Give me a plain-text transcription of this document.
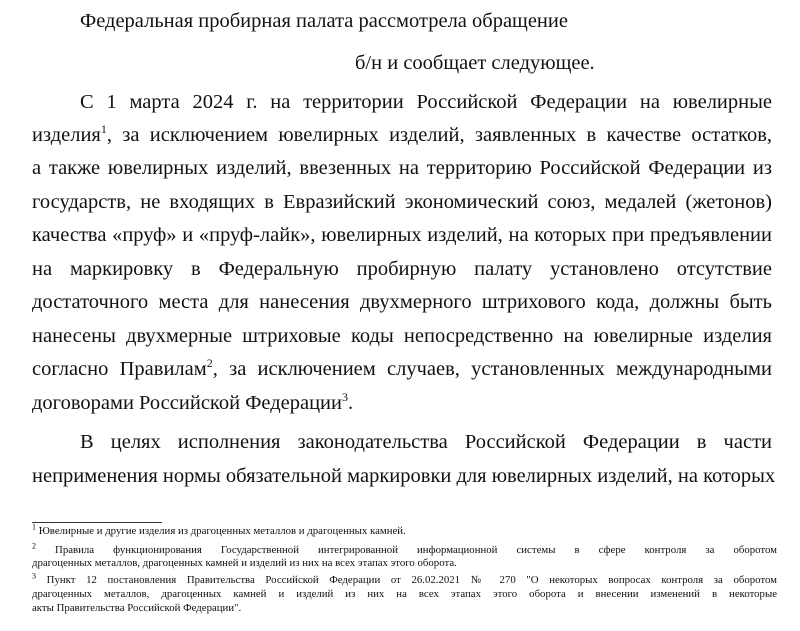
Федеральная пробирная палата рассмотрела обращение
б/н и сообщает следующее.
С 1 марта 2024 г. на территории Российской Федерации на ювелирные
изделия$^1$, за исключением ювелирных изделий, заявленных в качестве остатков,
а также ювелирных изделий, ввезенных на территорию Российской Федерации из
государств, не входящих в Евразийский экономический союз, медалей (жетонов)
качества «пруф» и «пруф-лайк», ювелирных изделий, на которых при предъявлении
на маркировку в Федеральную пробирную палату установлено отсутствие
достаточного места для нанесения двухмерного штрихового кода, должны быть
нанесены двухмерные штриховые коды непосредственно на ювелирные изделия
согласно Правилам$^2$, за исключением случаев, установленных международными
договорами Российской Федерации$^3$.
В целях исполнения законодательства Российской Федерации в части
неприменения нормы обязательной маркировки для ювелирных изделий, на которых
$^1$ Ювелирные и другие изделия из драгоценных металлов и драгоценных камней.
$^2$ Правила функционирования Государственной интегрированной информационной системы в сфере контроля за оборотом
драгоценных металлов, драгоценных камней и изделий из них на всех этапах этого оборота.
$^3$ Пункт 12 постановления Правительства Российской Федерации от 26.02.2021 № 270 "О некоторых вопросах контроля за оборотом
драгоценных металлов, драгоценных камней и изделий из них на всех этапах этого оборота и внесении изменений в некоторые
акты Правительства Российской Федерации".
